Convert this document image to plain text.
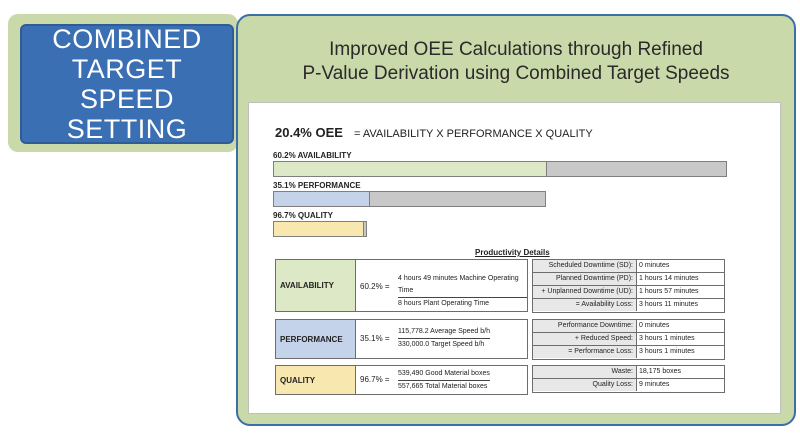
COMBINED
TARGET SPEED
SETTING
Improved OEE Calculations through Refined
P-Value Derivation using Combined Target Speeds
20.4% OEE = AVAILABILITY X PERFORMANCE X QUALITY
60.2% AVAILABILITY
35.1% PERFORMANCE
96.7% QUALITY
Productivity Details
AVAILABILITY	60.2% =
4 hours 49 minutes Machine Operating Time
8 hours Plant Operating Time
Scheduled Downtime (SD): 0 minutes
Planned Downtime (PD): 1 hours 14 minutes
+ Unplanned Downtime (UD): 1 hours 57 minutes
= Availability Loss: 3 hours 11 minutes
PERFORMANCE	35.1% =
115,778.2 Average Speed b/h
330,000.0 Target Speed b/h
Performance Downtime: 0 minutes
+ Reduced Speed: 3 hours 1 minutes
= Performance Loss: 3 hours 1 minutes
QUALITY	96.7% =
539,490 Good Material boxes
557,665 Total Material boxes
Waste: 18,175 boxes
Quality Loss: 9 minutes
